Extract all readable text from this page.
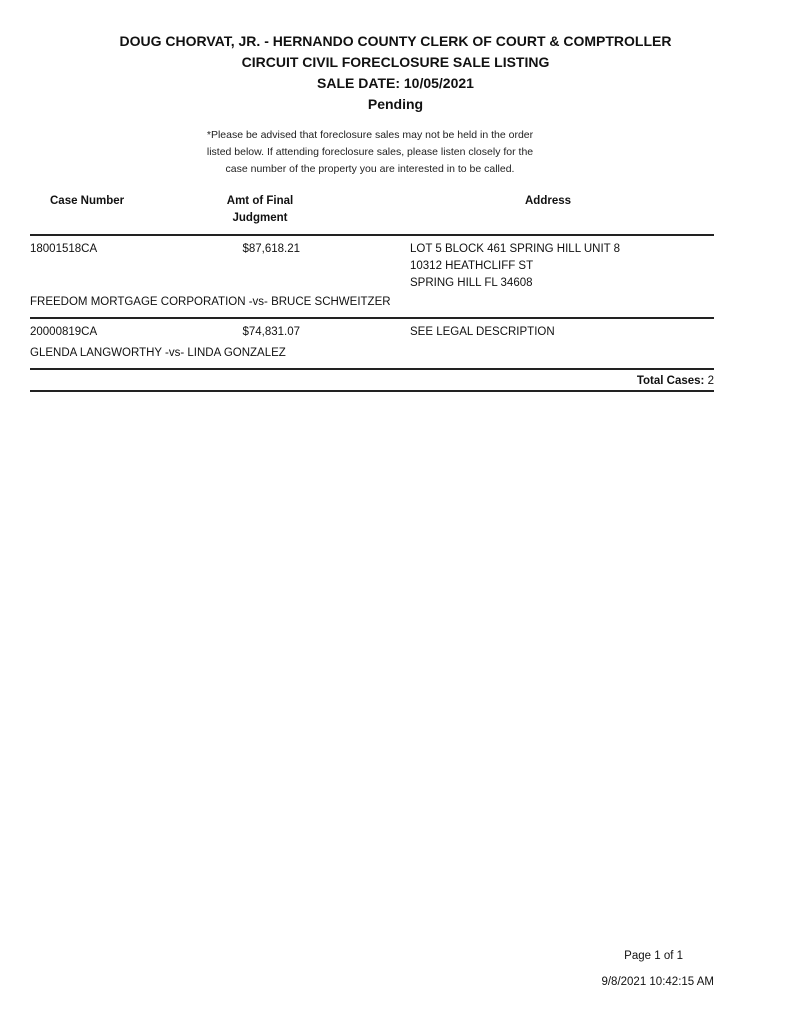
DOUG CHORVAT, JR. - HERNANDO COUNTY CLERK OF COURT & COMPTROLLER
CIRCUIT CIVIL FORECLOSURE SALE LISTING
SALE DATE: 10/05/2021
Pending
*Please be advised that foreclosure sales may not be held in the order
listed below. If attending foreclosure sales, please listen closely for the
case number of the property you are interested in to be called.
Case Number	Amt of Final
Judgment
Address
18001518CA	$87,618.21	LOT 5 BLOCK 461 SPRING HILL UNIT 8
10312 HEATHCLIFF ST
SPRING HILL FL 34608
FREEDOM MORTGAGE CORPORATION -vs- BRUCE SCHWEITZER
20000819CA	$74,831.07	SEE LEGAL DESCRIPTION
GLENDA LANGWORTHY -vs- LINDA GONZALEZ
Total Cases: 2
Page 1 of 1
9/8/2021 10:42:15 AM
